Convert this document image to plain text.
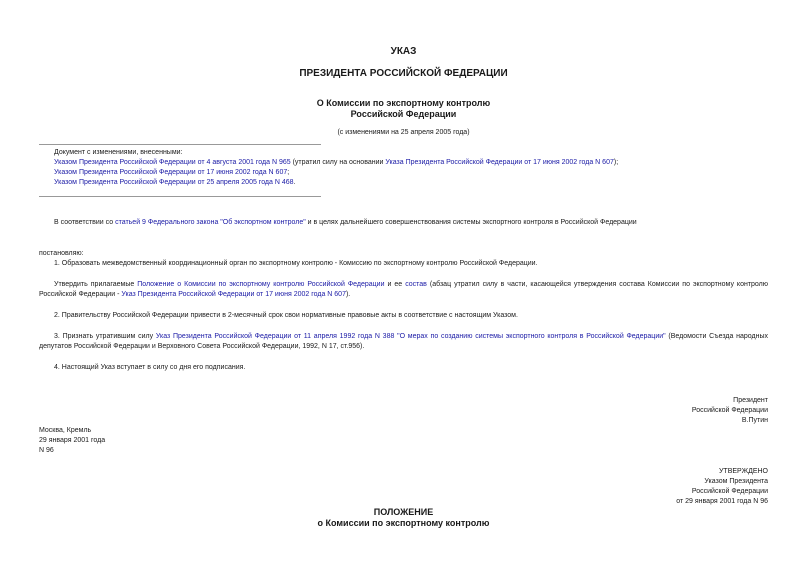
УКАЗ
ПРЕЗИДЕНТА РОССИЙСКОЙ ФЕДЕРАЦИИ
О Комиссии по экспортному контролю
Российской Федерации
(с изменениями на 25 апреля 2005 года)
Документ с изменениями, внесенными:
Указом Президента Российской Федерации от 4 августа 2001 года N 965 (утратил силу на основании Указа Президента Российской Федерации от 17 июня 2002 года N 607);
Указом Президента Российской Федерации от 17 июня 2002 года N 607;
Указом Президента Российской Федерации от 25 апреля 2005 года N 468.
В соответствии со статьей 9 Федерального закона "Об экспортном контроле" и в целях дальнейшего совершенствования системы экспортного контроля в Российской Федерации
постановляю:
1. Образовать межведомственный координационный орган по экспортному контролю - Комиссию по экспортному контролю Российской Федерации.
Утвердить прилагаемые Положение о Комиссии по экспортному контролю Российской Федерации и ее состав (абзац утратил силу в части, касающейся утверждения состава Комиссии по экспортному контролю Российской Федерации - Указ Президента Российской Федерации от 17 июня 2002 года N 607).
2. Правительству Российской Федерации привести в 2-месячный срок свои нормативные правовые акты в соответствие с настоящим Указом.
3. Признать утратившим силу Указ Президента Российской Федерации от 11 апреля 1992 года N 388 "О мерах по созданию системы экспортного контроля в Российской Федерации" (Ведомости Съезда народных депутатов Российской Федерации и Верховного Совета Российской Федерации, 1992, N 17, ст.956).
4. Настоящий Указ вступает в силу со дня его подписания.
Президент
Российской Федерации
В.Путин
Москва, Кремль
29 января 2001 года
N 96
УТВЕРЖДЕНО
Указом Президента
Российской Федерации
от 29 января 2001 года N 96
ПОЛОЖЕНИЕ
о Комиссии по экспортному контролю
